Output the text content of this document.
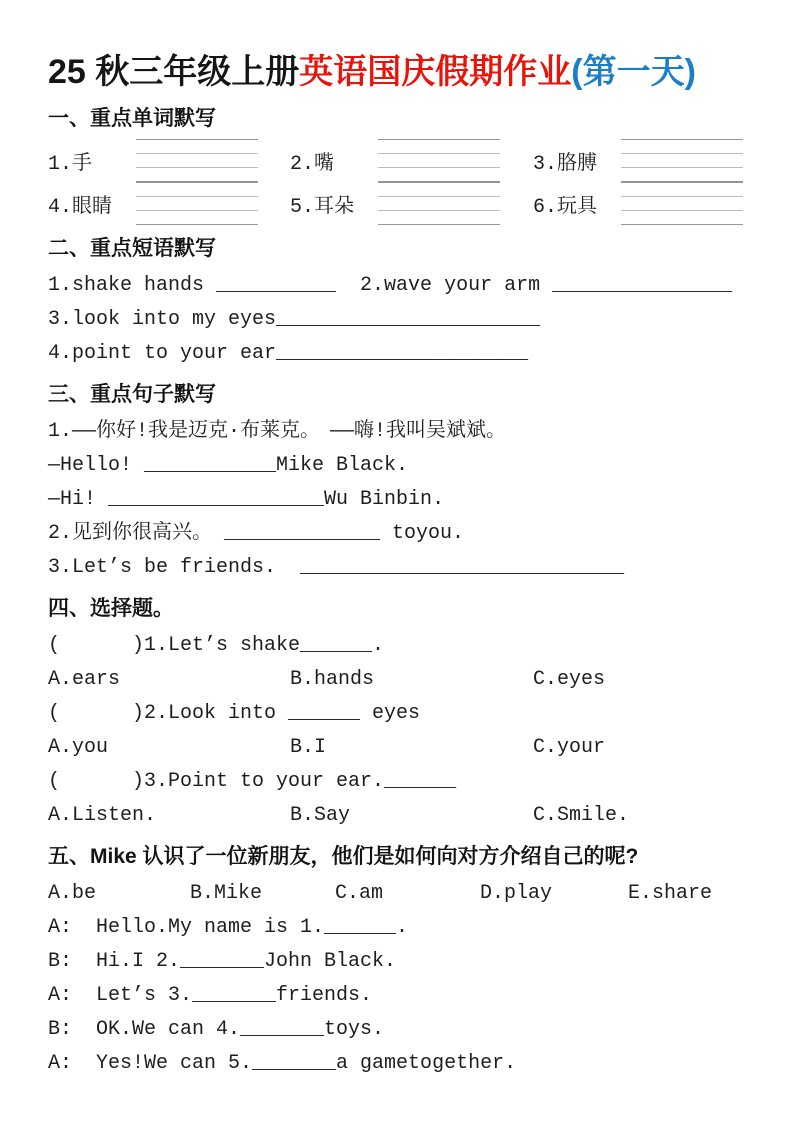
25 秋三年级上册英语国庆假期作业(第一天)
一、重点单词默写
1.手	2.嘴	3.胳膊
4.眼睛	5.耳朵	6.玩具
二、重点短语默写
1.shake hands __________  2.wave your arm _______________
3.look into my eyes______________________
4.point to your ear_____________________
三、重点句子默写
1.——你好!我是迈克·布莱克。　——嗨!我叫吴斌斌。
—Hello! ___________Mike Black.
—Hi! __________________Wu Binbin.
2.见到你很高兴。 _____________ toyou.
3.Let’s be friends.  ___________________________
四、选择题。
(      )1.Let’s shake______.
A.ears	B.hands	C.eyes
(      )2.Look into ______ eyes
A.you	B.I	C.your
(      )3.Point to your ear.______
A.Listen.	B.Say	C.Smile.
五、Mike 认识了一位新朋友，他们是如何向对方介绍自己的呢?
A.be	B.Mike	C.am	D.play	E.share
A:  Hello.My name is 1.______.
B:  Hi.I 2._______John Black.
A:  Let’s 3._______friends.
B:  OK.We can 4._______toys.
A:  Yes!We can 5._______a gametogether.
